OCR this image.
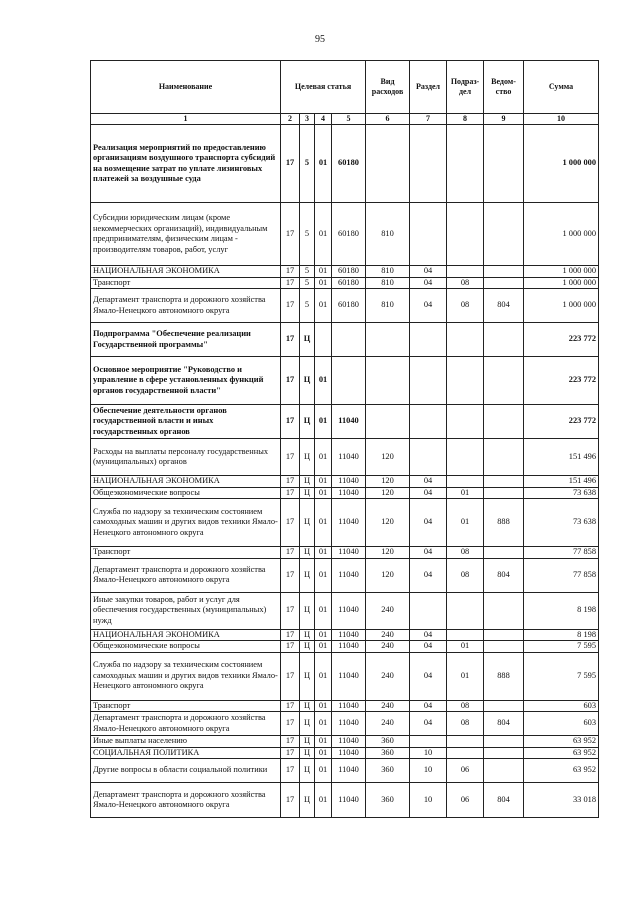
95
Наименование	Целевая статья				Вид расходов	Раздел	Подраз-дел	Ведом-ство	Сумма
1	2	3	4	5	6	7	8	9	10
Реализация мероприятий по предоставлению организациям воздушного транспорта субсидий на возмещение затрат по уплате лизинговых платежей за воздушные суда	17	5	01	60180					1 000 000
Субсидии юридическим лицам (кроме некоммерческих организаций), индивидуальным предпринимателям, физическим лицам - производителям товаров, работ, услуг	17	5	01	60180	810				1 000 000
НАЦИОНАЛЬНАЯ ЭКОНОМИКА	17	5	01	60180	810	04			1 000 000
Транспорт	17	5	01	60180	810	04	08		1 000 000
Департамент транспорта и дорожного хозяйства Ямало-Ненецкого автономного округа	17	5	01	60180	810	04	08	804	1 000 000
Подпрограмма "Обеспечение реализации Государственной программы"	17	Ц							223 772
Основное мероприятие "Руководство и управление в сфере установленных функций органов государственной власти"	17	Ц	01						223 772
Обеспечение деятельности органов государственной власти и иных государственных органов	17	Ц	01	11040					223 772
Расходы на выплаты персоналу государственных (муниципальных) органов	17	Ц	01	11040	120				151 496
НАЦИОНАЛЬНАЯ ЭКОНОМИКА	17	Ц	01	11040	120	04			151 496
Общеэкономические вопросы	17	Ц	01	11040	120	04	01		73 638
Служба по надзору за техническим состоянием самоходных машин и других видов техники Ямало-Ненецкого автономного округа	17	Ц	01	11040	120	04	01	888	73 638
Транспорт	17	Ц	01	11040	120	04	08		77 858
Департамент транспорта и дорожного хозяйства Ямало-Ненецкого автономного округа	17	Ц	01	11040	120	04	08	804	77 858
Иные закупки товаров, работ и услуг для обеспечения государственных (муниципальных) нужд	17	Ц	01	11040	240				8 198
НАЦИОНАЛЬНАЯ ЭКОНОМИКА	17	Ц	01	11040	240	04			8 198
Общеэкономические вопросы	17	Ц	01	11040	240	04	01		7 595
Служба по надзору за техническим состоянием самоходных машин и других видов техники Ямало-Ненецкого автономного округа	17	Ц	01	11040	240	04	01	888	7 595
Транспорт	17	Ц	01	11040	240	04	08		603
Департамент транспорта и дорожного хозяйства Ямало-Ненецкого автономного округа	17	Ц	01	11040	240	04	08	804	603
Иные выплаты населению	17	Ц	01	11040	360				63 952
СОЦИАЛЬНАЯ ПОЛИТИКА	17	Ц	01	11040	360	10			63 952
Другие вопросы в области социальной политики	17	Ц	01	11040	360	10	06		63 952
Департамент транспорта и дорожного хозяйства Ямало-Ненецкого автономного округа	17	Ц	01	11040	360	10	06	804	33 018
